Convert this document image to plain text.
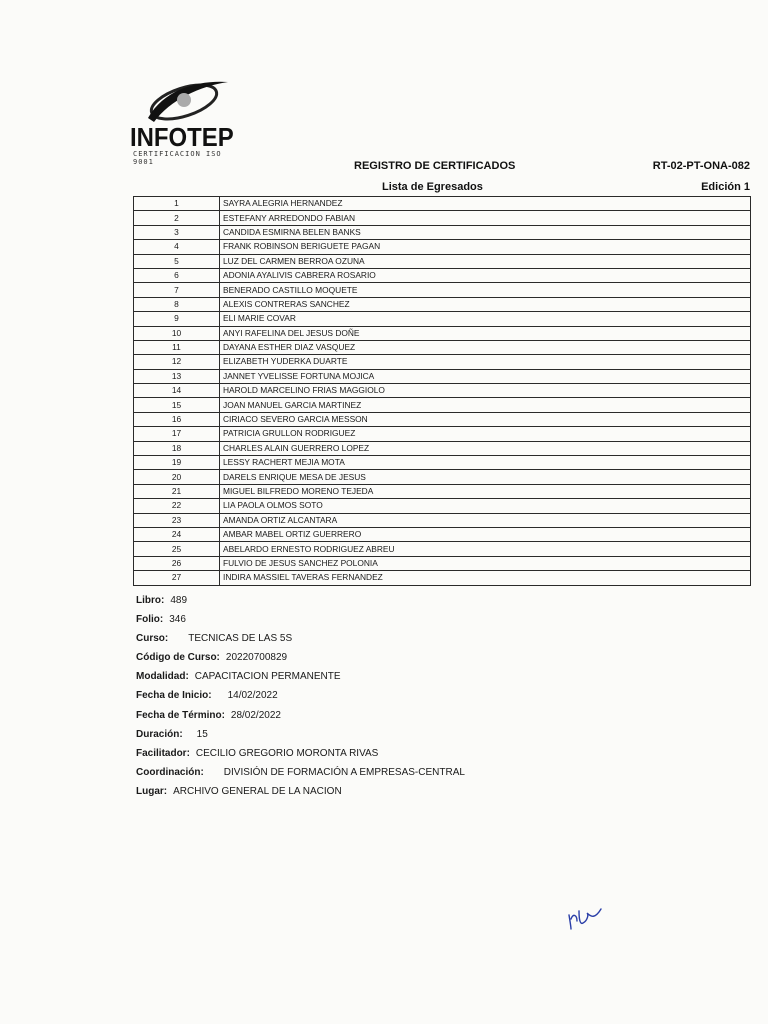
INFOTEP
CERTIFICACION ISO 9001	REGISTRO DE CERTIFICADOS
Lista de Egresados
RT-02-PT-ONA-082
Edición 1
1	SAYRA ALEGRIA HERNANDEZ
2	ESTEFANY ARREDONDO FABIAN
3	CANDIDA ESMIRNA BELEN BANKS
4	FRANK ROBINSON BERIGUETE PAGAN
5	LUZ DEL CARMEN BERROA OZUNA
6	ADONIA AYALIVIS CABRERA ROSARIO
7	BENERADO CASTILLO MOQUETE
8	ALEXIS CONTRERAS SANCHEZ
9	ELI MARIE COVAR
10	ANYI RAFELINA DEL JESUS DOÑE
11	DAYANA ESTHER DIAZ VASQUEZ
12	ELIZABETH YUDERKA DUARTE
13	JANNET YVELISSE FORTUNA MOJICA
14	HAROLD MARCELINO FRIAS MAGGIOLO
15	JOAN MANUEL GARCIA MARTINEZ
16	CIRIACO SEVERO GARCIA MESSON
17	PATRICIA GRULLON RODRIGUEZ
18	CHARLES ALAIN GUERRERO LOPEZ
19	LESSY RACHERT MEJIA MOTA
20	DARELS ENRIQUE MESA DE JESUS
21	MIGUEL BILFREDO MORENO TEJEDA
22	LIA PAOLA OLMOS SOTO
23	AMANDA ORTIZ ALCANTARA
24	AMBAR MABEL ORTIZ GUERRERO
25	ABELARDO ERNESTO RODRIGUEZ ABREU
26	FULVIO DE JESUS SANCHEZ POLONIA
27	INDIRA MASSIEL TAVERAS FERNANDEZ
Libro: 489
Folio: 346
Curso: TECNICAS DE LAS 5S
Código de Curso: 20220700829
Modalidad: CAPACITACION PERMANENTE
Fecha de Inicio: 14/02/2022
Fecha de Término: 28/02/2022
Duración: 15
Facilitador: CECILIO GREGORIO MORONTA RIVAS
Coordinación: DIVISIÓN DE FORMACIÓN A EMPRESAS-CENTRAL
Lugar: ARCHIVO GENERAL DE LA NACION
